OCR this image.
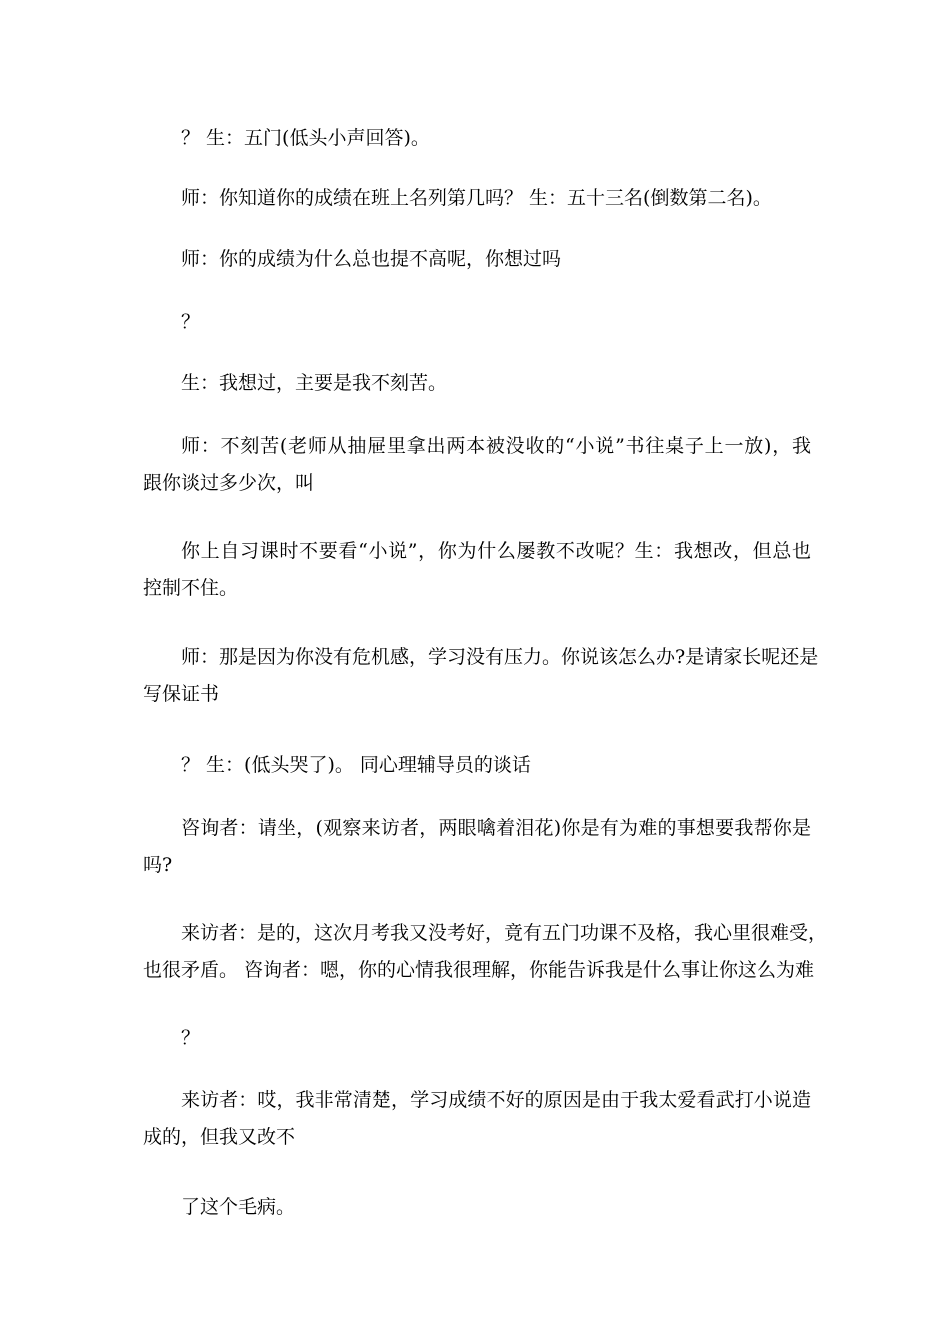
？ 生：五门(低头小声回答)。

师：你知道你的成绩在班上名列第几吗？ 生：五十三名(倒数第二名)。

师：你的成绩为什么总也提不高呢，你想过吗

？

生：我想过，主要是我不刻苦。

师：不刻苦(老师从抽屉里拿出两本被没收的“小说”书往桌子上一放)，我
跟你谈过多少次，叫

你上自习课时不要看“小说”，你为什么屡教不改呢？生：我想改，但总也
控制不住。

师：那是因为你没有危机感，学习没有压力。你说该怎么办?是请家长呢还是
写保证书

？ 生：(低头哭了)。 同心理辅导员的谈话

咨询者：请坐，(观察来访者，两眼噙着泪花)你是有为难的事想要我帮你是
吗?

来访者：是的，这次月考我又没考好，竟有五门功课不及格，我心里很难受，
也很矛盾。 咨询者：嗯，你的心情我很理解，你能告诉我是什么事让你这么为难

？

来访者：哎，我非常清楚，学习成绩不好的原因是由于我太爱看武打小说造
成的，但我又改不

了这个毛病。
